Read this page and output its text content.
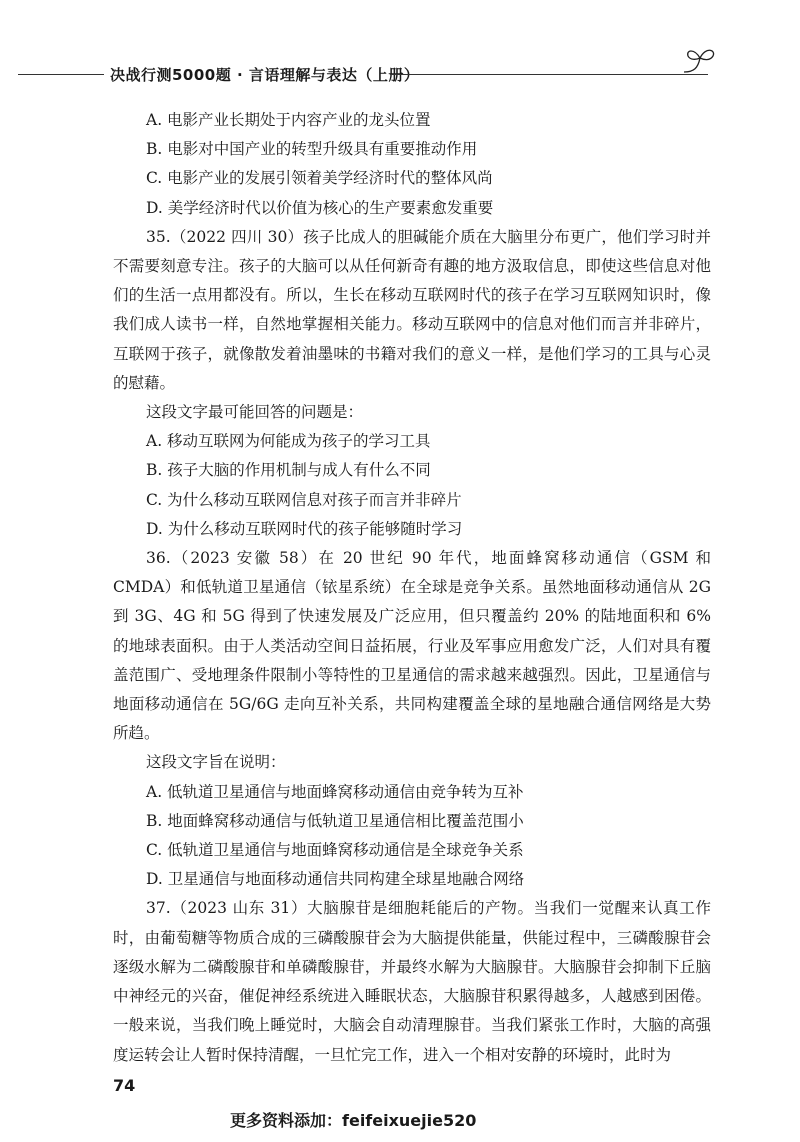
决战行测5000题 · 言语理解与表达（上册）

A. 电影产业长期处于内容产业的龙头位置

B. 电影对中国产业的转型升级具有重要推动作用

C. 电影产业的发展引领着美学经济时代的整体风尚

D. 美学经济时代以价值为核心的生产要素愈发重要

35.（2022 四川 30）孩子比成人的胆碱能介质在大脑里分布更广，他们学习时并不需要刻意专注。孩子的大脑可以从任何新奇有趣的地方汲取信息，即使这些信息对他们的生活一点用都没有。所以，生长在移动互联网时代的孩子在学习互联网知识时，像我们成人读书一样，自然地掌握相关能力。移动互联网中的信息对他们而言并非碎片，互联网于孩子，就像散发着油墨味的书籍对我们的意义一样，是他们学习的工具与心灵的慰藉。

这段文字最可能回答的问题是：

A. 移动互联网为何能成为孩子的学习工具

B. 孩子大脑的作用机制与成人有什么不同

C. 为什么移动互联网信息对孩子而言并非碎片

D. 为什么移动互联网时代的孩子能够随时学习

36.（2023 安徽 58）在 20 世纪 90 年代，地面蜂窝移动通信（GSM 和 CMDA）和低轨道卫星通信（铱星系统）在全球是竞争关系。虽然地面移动通信从 2G 到 3G、4G 和 5G 得到了快速发展及广泛应用，但只覆盖约 20% 的陆地面积和 6% 的地球表面积。由于人类活动空间日益拓展，行业及军事应用愈发广泛，人们对具有覆盖范围广、受地理条件限制小等特性的卫星通信的需求越来越强烈。因此，卫星通信与地面移动通信在 5G/6G 走向互补关系，共同构建覆盖全球的星地融合通信网络是大势所趋。

这段文字旨在说明：

A. 低轨道卫星通信与地面蜂窝移动通信由竞争转为互补

B. 地面蜂窝移动通信与低轨道卫星通信相比覆盖范围小

C. 低轨道卫星通信与地面蜂窝移动通信是全球竞争关系

D. 卫星通信与地面移动通信共同构建全球星地融合网络

37.（2023 山东 31）大脑腺苷是细胞耗能后的产物。当我们一觉醒来认真工作时，由葡萄糖等物质合成的三磷酸腺苷会为大脑提供能量，供能过程中，三磷酸腺苷会逐级水解为二磷酸腺苷和单磷酸腺苷，并最终水解为大脑腺苷。大脑腺苷会抑制下丘脑中神经元的兴奋，催促神经系统进入睡眠状态，大脑腺苷积累得越多，人越感到困倦。一般来说，当我们晚上睡觉时，大脑会自动清理腺苷。当我们紧张工作时，大脑的高强度运转会让人暂时保持清醒，一旦忙完工作，进入一个相对安静的环境时，此时为

74
更多资料添加：feifeixuejie520
